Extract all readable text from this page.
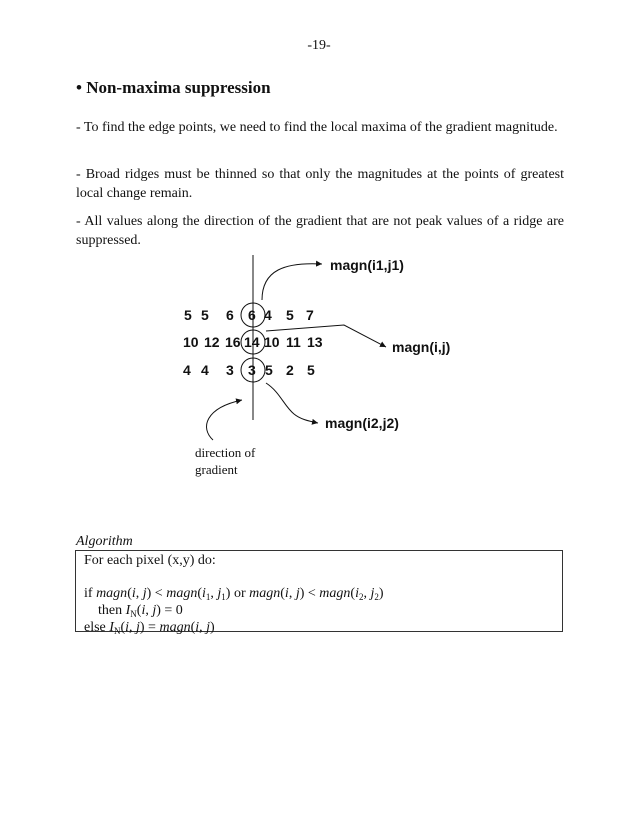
-19-
• Non-maxima suppression
- To find the edge points, we need to find the local maxima of the gradient magnitude.
- Broad ridges must be thinned so that only the magnitudes at the points of greatest local change remain.
- All values along the direction of the gradient that are not peak values of a ridge are suppressed.
5 5 6 6 4 5 7
10 12 16 14 10 11 13
4 4 3 3 5 2 5
magn(i1,j1)
magn(i,j)
magn(i2,j2)
direction of
gradient
Algorithm
For each pixel (x,y) do:
if magn(i, $j) < magn(i_1$, $j_1$) or magn(i, $j) < magn(i_2$, $j_2$)
then $I_N(i$, j) = 0
else $I_N(i$, j) = magn(i, j)
